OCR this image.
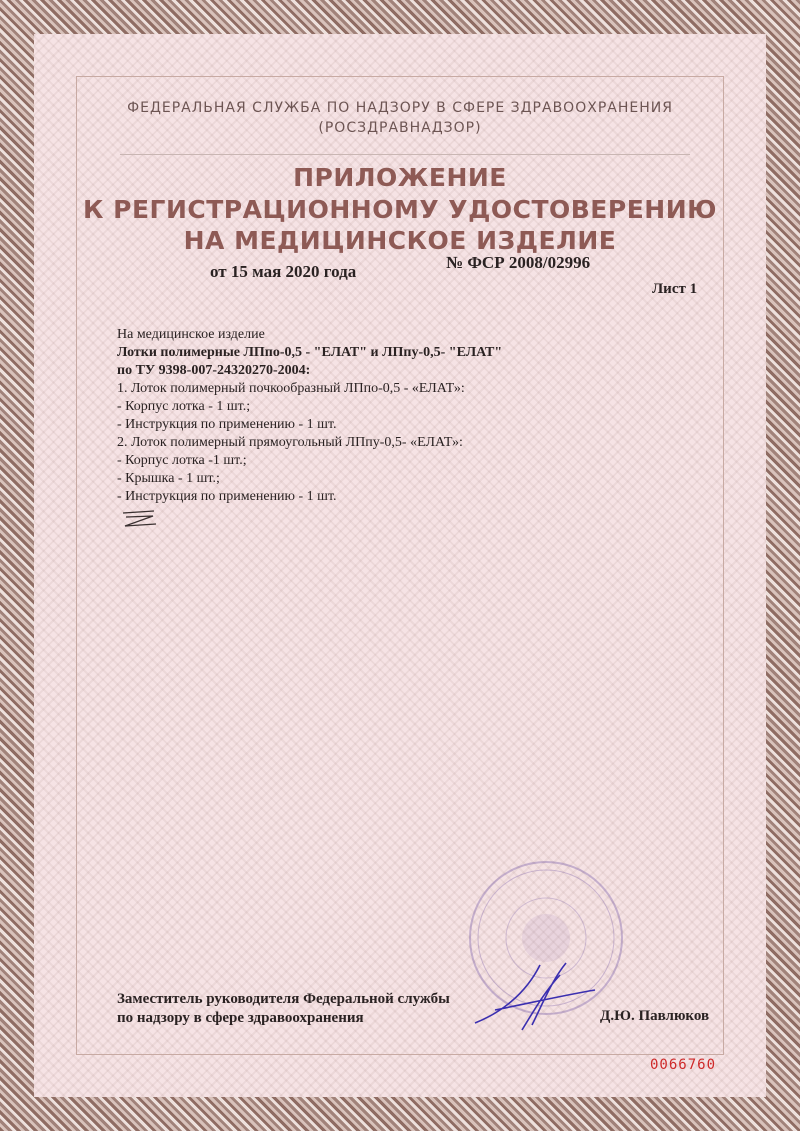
ФЕДЕРАЛЬНАЯ СЛУЖБА ПО НАДЗОРУ В СФЕРЕ ЗДРАВООХРАНЕНИЯ
(РОСЗДРАВНАДЗОР)
ПРИЛОЖЕНИЕ
К РЕГИСТРАЦИОННОМУ УДОСТОВЕРЕНИЮ
НА МЕДИЦИНСКОЕ ИЗДЕЛИЕ
от 15 мая 2020 года	№ ФСР 2008/02996
Лист 1
На медицинское изделие
Лотки полимерные ЛПпо-0,5 - "ЕЛАТ" и ЛПпу-0,5- "ЕЛАТ"
по ТУ 9398-007-24320270-2004:
1. Лоток полимерный почкообразный ЛПпо-0,5 - «ЕЛАТ»:
- Корпус лотка - 1 шт.;
- Инструкция по применению - 1 шт.
2. Лоток полимерный прямоугольный ЛПпу-0,5- «ЕЛАТ»:
- Корпус лотка -1 шт.;
- Крышка - 1 шт.;
- Инструкция по применению - 1 шт.
Заместитель руководителя Федеральной службы
по надзору в сфере здравоохранения	Д.Ю. Павлюков
0066760
